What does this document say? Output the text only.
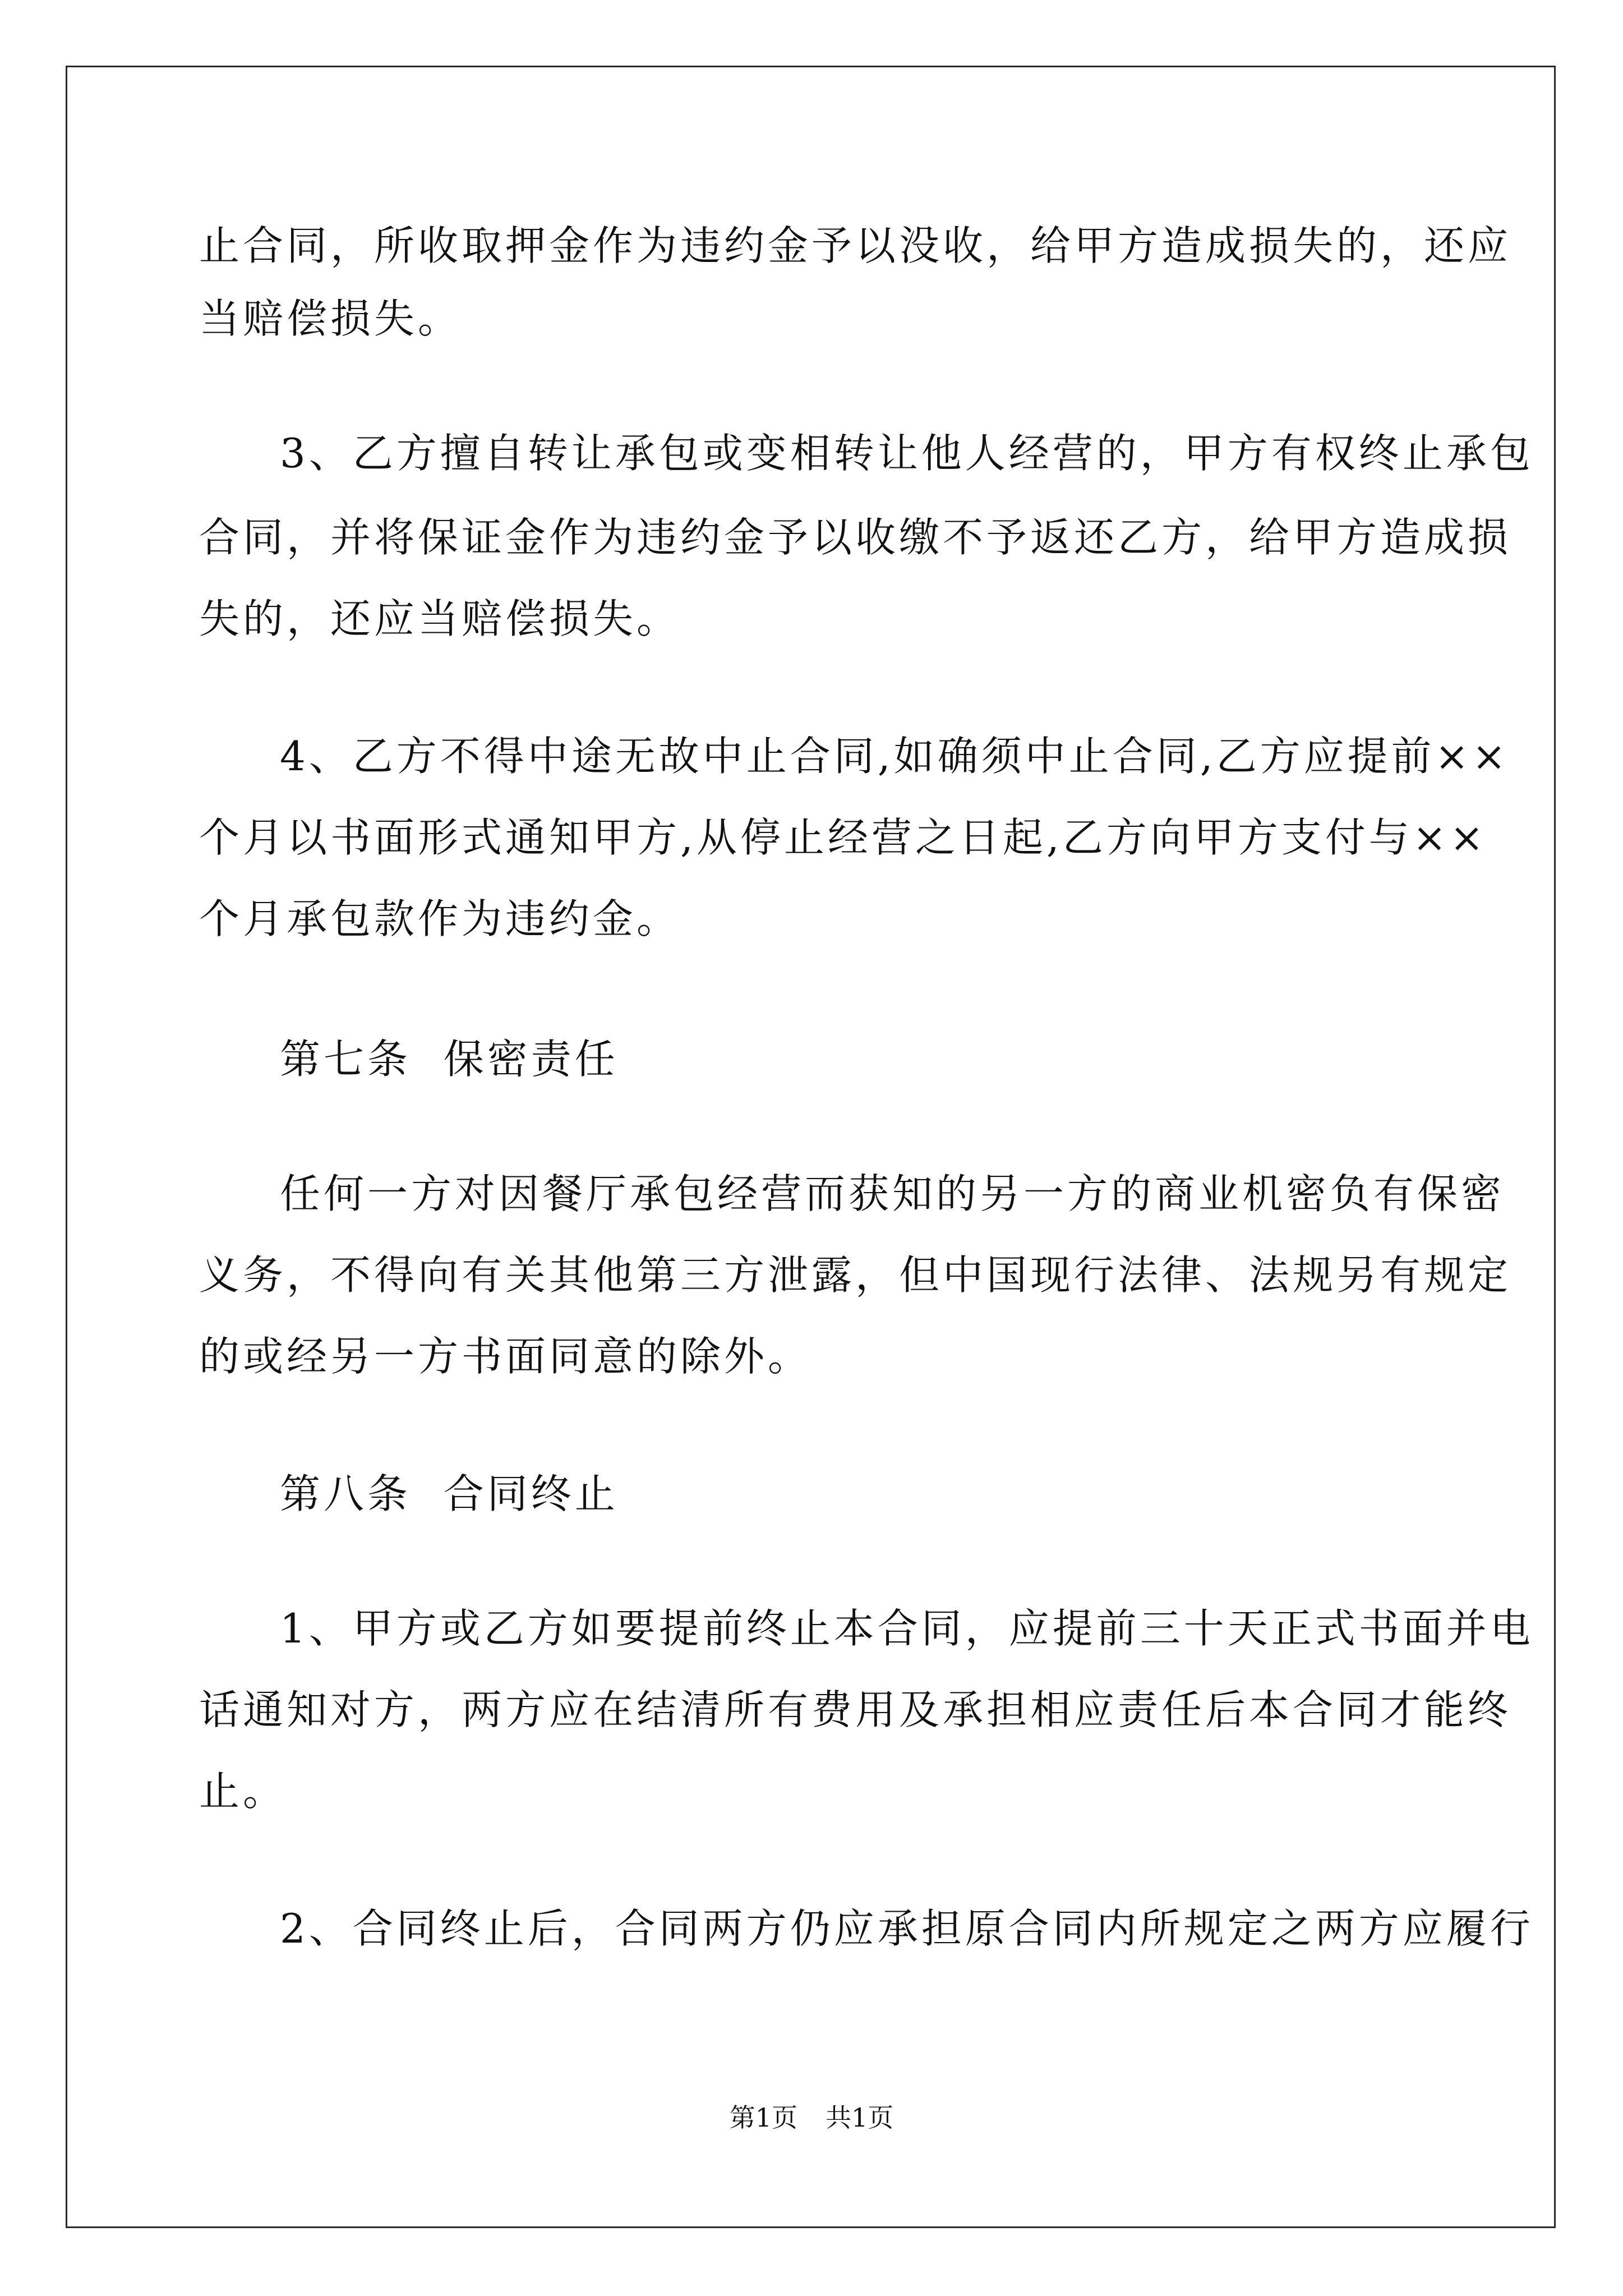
止合同，所收取押金作为违约金予以没收，给甲方造成损失的，还应
当赔偿损失。
3、乙方擅自转让承包或变相转让他人经营的，甲方有权终止承包
合同，并将保证金作为违约金予以收缴不予返还乙方，给甲方造成损
失的，还应当赔偿损失。
4、乙方不得中途无故中止合同,如确须中止合同,乙方应提前××
个月以书面形式通知甲方,从停止经营之日起,乙方向甲方支付与××
个月承包款作为违约金。
第七条  保密责任
任何一方对因餐厅承包经营而获知的另一方的商业机密负有保密
义务，不得向有关其他第三方泄露，但中国现行法律、法规另有规定
的或经另一方书面同意的除外。
第八条  合同终止
1、甲方或乙方如要提前终止本合同，应提前三十天正式书面并电
话通知对方，两方应在结清所有费用及承担相应责任后本合同才能终
止。
2、合同终止后，合同两方仍应承担原合同内所规定之两方应履行
第1页 共1页
